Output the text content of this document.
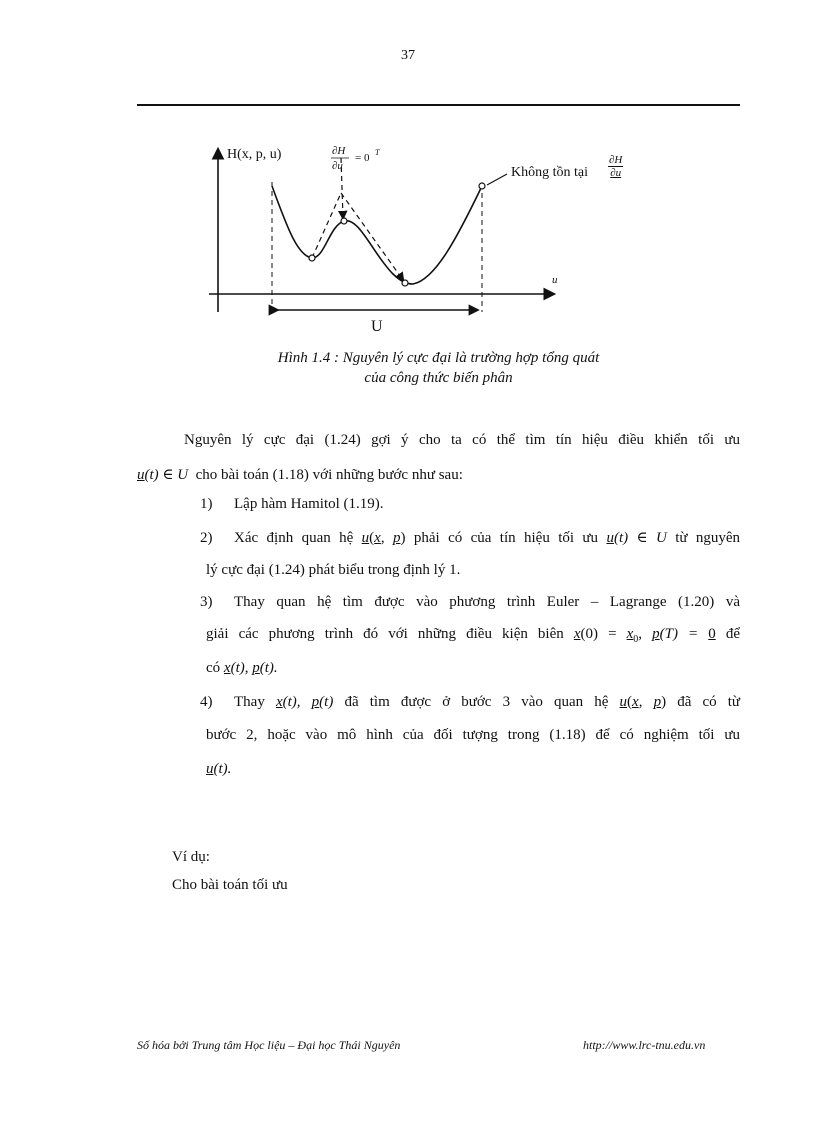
37
H(x, p, u)	∂H
∂u
= 0 T
Không tồn tại
u
U
$\frac{\partial H}{\partial u}$
Hình 1.4 : Nguyên lý cực đại là trường hợp tổng quát
của công thức biến phân
Nguyên lý cực đại (1.24) gợi ý cho ta có thể tìm tín hiệu điều khiển tối ưu
u(t) ∈ U cho bài toán (1.18) với những bước như sau:
1) Lập hàm Hamitol (1.19).
2) Xác định quan hệ u(x, p) phải có của tín hiệu tối ưu u(t) ∈ U từ nguyên
lý cực đại (1.24) phát biểu trong định lý 1.
3) Thay quan hệ tìm được vào phương trình Euler – Lagrange (1.20) và
giải các phương trình đó với những điều kiện biên $x(0) = x_0$, p(T) = 0 để
có x(t), p(t).
4) Thay x(t), p(t) đã tìm được ở bước 3 vào quan hệ u(x, p) đã có từ
bước 2, hoặc vào mô hình của đối tượng trong (1.18) để có nghiệm tối ưu
u(t).
Ví dụ:
Cho bài toán tối ưu
Số hóa bởi Trung tâm Học liệu – Đại học Thái Nguyên	http://www.lrc-tnu.edu.vn
